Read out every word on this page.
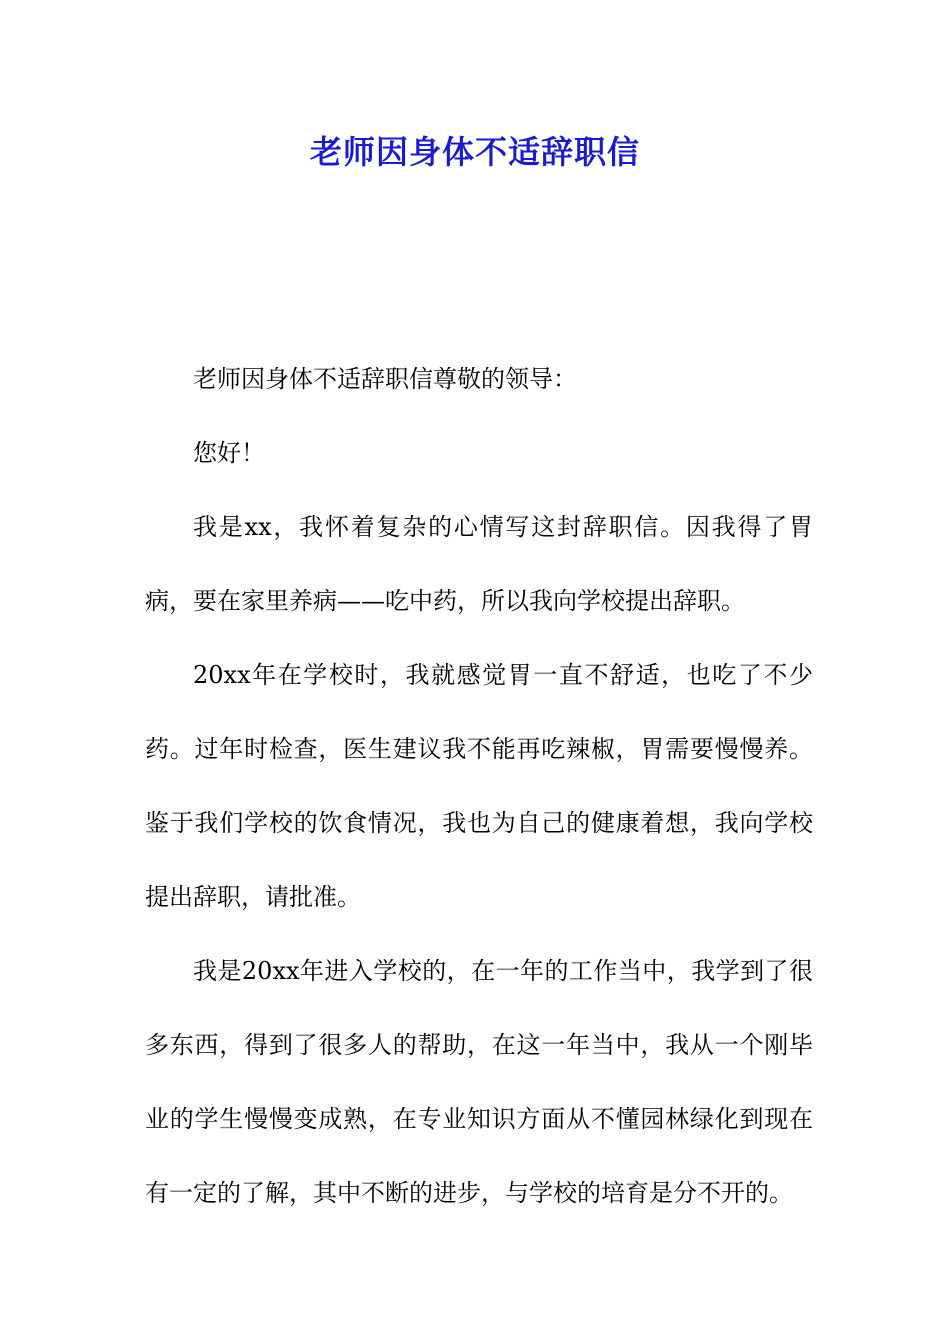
老师因身体不适辞职信

老师因身体不适辞职信尊敬的领导：

您好！

我是xx，我怀着复杂的心情写这封辞职信。因我得了胃病，要在家里养病——吃中药，所以我向学校提出辞职。

20xx年在学校时，我就感觉胃一直不舒适，也吃了不少药。过年时检查，医生建议我不能再吃辣椒，胃需要慢慢养。鉴于我们学校的饮食情况，我也为自己的健康着想，我向学校提出辞职，请批准。

我是20xx年进入学校的，在一年的工作当中，我学到了很多东西，得到了很多人的帮助，在这一年当中，我从一个刚毕业的学生慢慢变成熟，在专业知识方面从不懂园林绿化到现在有一定的了解，其中不断的进步，与学校的培育是分不开的。
